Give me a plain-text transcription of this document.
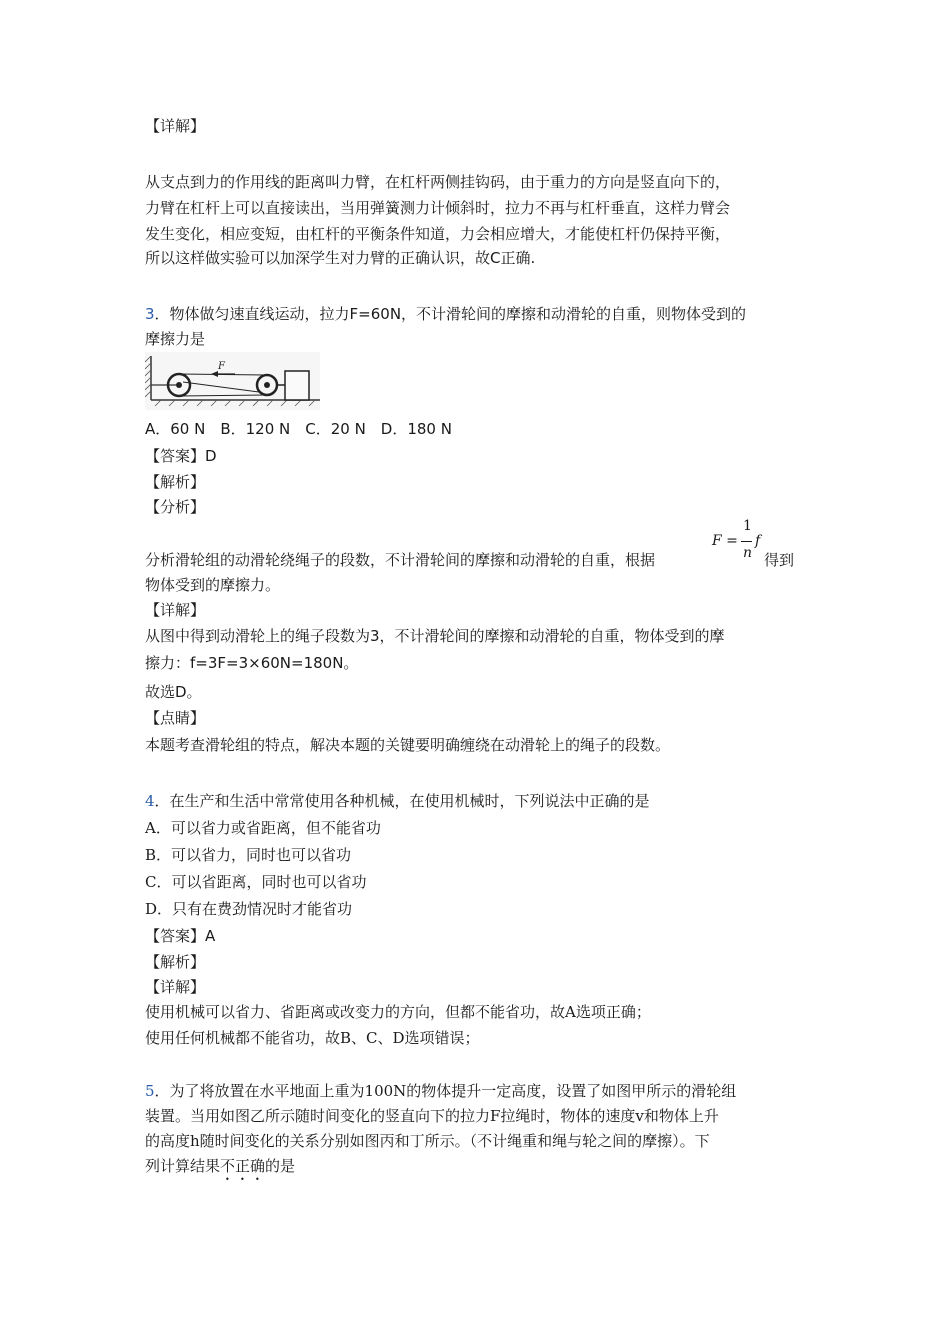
【详解】
从支点到力的作用线的距离叫力臂，在杠杆两侧挂钩码，由于重力的方向是竖直向下的，
力臂在杠杆上可以直接读出，当用弹簧测力计倾斜时，拉力不再与杠杆垂直，这样力臂会
发生变化，相应变短，由杠杆的平衡条件知道，力会相应增大，才能使杠杆仍保持平衡，
所以这样做实验可以加深学生对力臂的正确认识，故C正确.
3．物体做匀速直线运动，拉力F=60N，不计滑轮间的摩擦和动滑轮的自重，则物体受到的
摩擦力是
F
A．60 N　B．120 N　C．20 N　D．180 N
【答案】D
【解析】
【分析】
分析滑轮组的动滑轮绕绳子的段数，不计滑轮间的摩擦和动滑轮的自重，根据
F =
1
n
f
得到
物体受到的摩擦力。
【详解】
从图中得到动滑轮上的绳子段数为3，不计滑轮间的摩擦和动滑轮的自重，物体受到的摩
擦力：f=3F=3×60N=180N。
故选D。
【点睛】
本题考查滑轮组的特点，解决本题的关键要明确缠绕在动滑轮上的绳子的段数。
4．在生产和生活中常常使用各种机械，在使用机械时，下列说法中正确的是
A．可以省力或省距离，但不能省功
B．可以省力，同时也可以省功
C．可以省距离，同时也可以省功
D．只有在费劲情况时才能省功
【答案】A
【解析】
【详解】
使用机械可以省力、省距离或改变力的方向，但都不能省功，故A选项正确；
使用任何机械都不能省功，故B、C、D选项错误；
5．为了将放置在水平地面上重为100N的物体提升一定高度，设置了如图甲所示的滑轮组
装置。当用如图乙所示随时间变化的竖直向下的拉力F拉绳时，物体的速度v和物体上升
的高度h随时间变化的关系分别如图丙和丁所示。（不计绳重和绳与轮之间的摩擦）。下
列计算结果不正确的是
